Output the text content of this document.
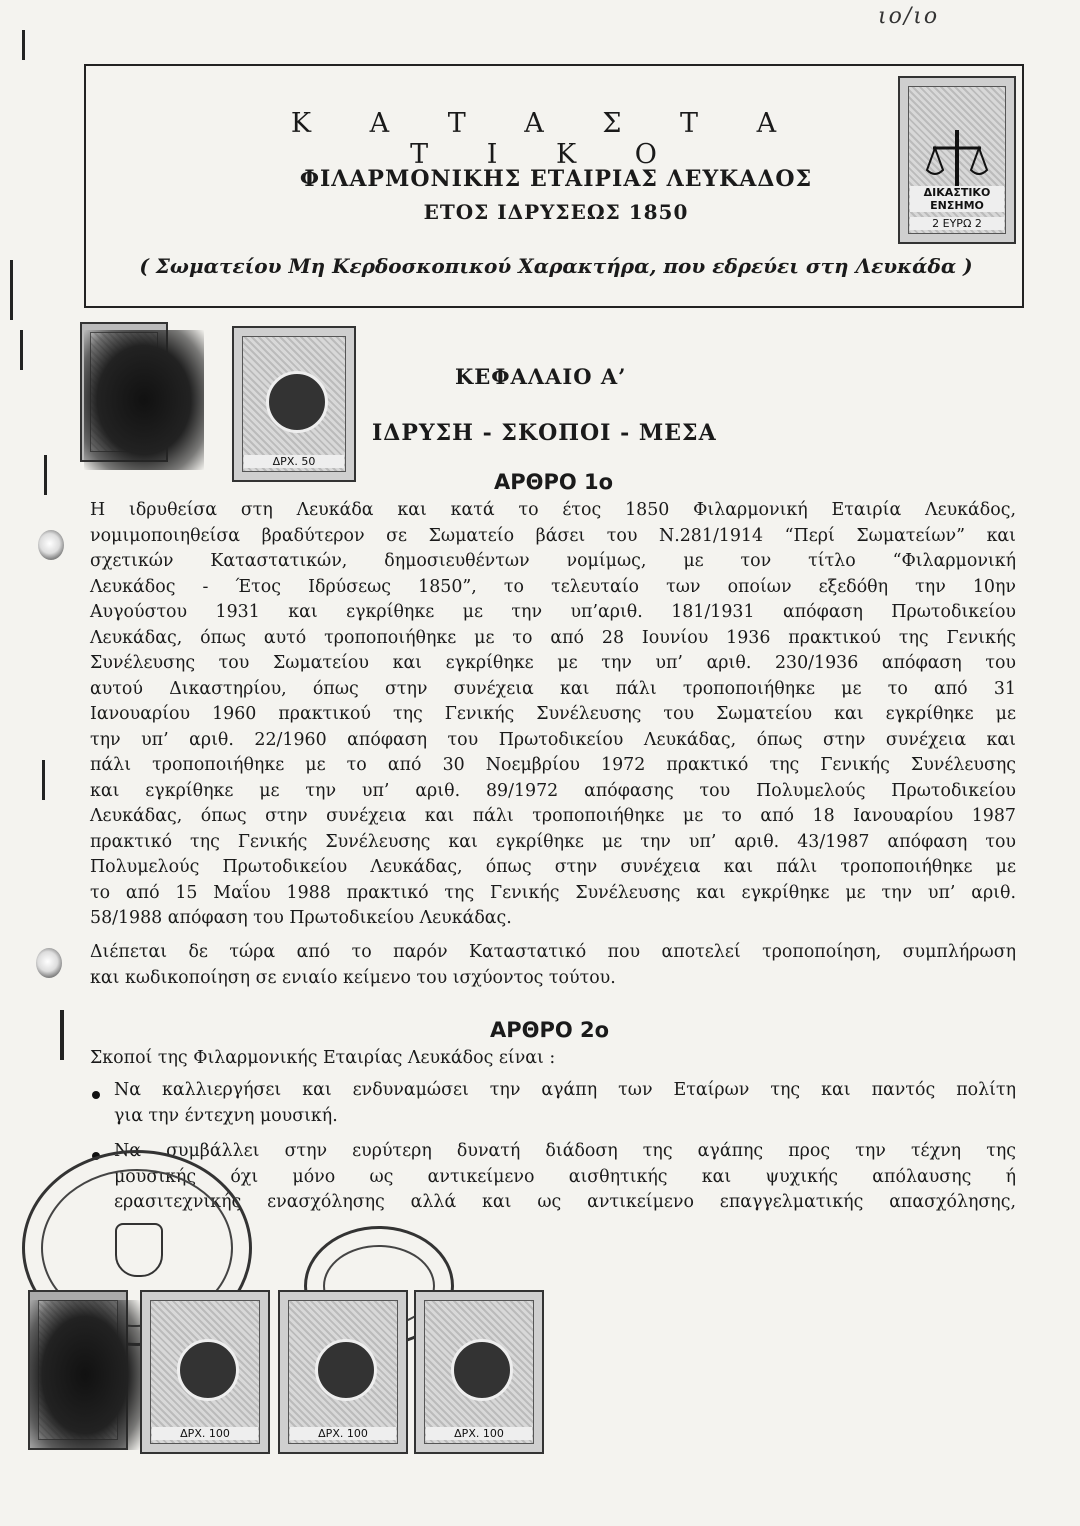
ιο/ιο
Κ Α Τ Α Σ Τ Α Τ Ι Κ Ο
ΦΙΛΑΡΜΟΝΙΚΗΣ ΕΤΑΙΡΙΑΣ ΛΕΥΚΑΔΟΣ
ΕΤΟΣ ΙΔΡΥΣΕΩΣ 1850
( Σωματείου Μη Κερδοσκοπικού Χαρακτήρα, που εδρεύει στη Λευκάδα )
ΔΙΚΑΣΤΙΚΟ ΕΝΣΗΜΟ
2 ΕΥΡΩ 2
ΔΡΧ. 50
ΚΕΦΑΛΑΙΟ Α’
ΙΔΡΥΣΗ - ΣΚΟΠΟΙ - ΜΕΣΑ
ΑΡΘΡΟ 1ο
Η ιδρυθείσα στη Λευκάδα και κατά το έτος 1850 Φιλαρμονική Εταιρία Λευκάδος,
νομιμοποιηθείσα βραδύτερον σε Σωματείο βάσει του Ν.281/1914 “Περί Σωματείων” και
σχετικών Καταστατικών, δημοσιευθέντων νομίμως, με τον τίτλο “Φιλαρμονική
Λευκάδος - Έτος Ιδρύσεως 1850”, το τελευταίο των οποίων εξεδόθη την 10ην
Αυγούστου 1931 και εγκρίθηκε με την υπ’αριθ. 181/1931 απόφαση Πρωτοδικείου
Λευκάδας, όπως αυτό τροποποιήθηκε με το από 28 Ιουνίου 1936 πρακτικού της Γενικής
Συνέλευσης του Σωματείου και εγκρίθηκε με την υπ’ αριθ. 230/1936 απόφαση του
αυτού Δικαστηρίου, όπως στην συνέχεια και πάλι τροποποιήθηκε με το από 31
Ιανουαρίου 1960 πρακτικού της Γενικής Συνέλευσης του Σωματείου και εγκρίθηκε με
την υπ’ αριθ. 22/1960 απόφαση του Πρωτοδικείου Λευκάδας, όπως στην συνέχεια και
πάλι τροποποιήθηκε με το από 30 Νοεμβρίου 1972 πρακτικό της Γενικής Συνέλευσης
και εγκρίθηκε με την υπ’ αριθ. 89/1972 απόφασης του Πολυμελούς Πρωτοδικείου
Λευκάδας, όπως στην συνέχεια και πάλι τροποποιήθηκε με το από 18 Ιανουαρίου 1987
πρακτικό της Γενικής Συνέλευσης και εγκρίθηκε με την υπ’ αριθ. 43/1987 απόφαση του
Πολυμελούς Πρωτοδικείου Λευκάδας, όπως στην συνέχεια και πάλι τροποποιήθηκε με
το από 15 Μαΐου 1988 πρακτικό της Γενικής Συνέλευσης και εγκρίθηκε με την υπ’ αριθ.
58/1988 απόφαση του Πρωτοδικείου Λευκάδας.
Διέπεται δε τώρα από το παρόν Καταστατικό που αποτελεί τροποποίηση, συμπλήρωση
και κωδικοποίηση σε ενιαίο κείμενο του ισχύοντος τούτου.
ΑΡΘΡΟ 2ο
Σκοποί της Φιλαρμονικής Εταιρίας Λευκάδος είναι :
Να καλλιεργήσει και ενδυναμώσει την αγάπη των Εταίρων της και παντός πολίτη
για την έντεχνη μουσική.
Να συμβάλλει στην ευρύτερη δυνατή διάδοση της αγάπης προς την τέχνη της
μουσικής όχι μόνο ως αντικείμενο αισθητικής και ψυχικής απόλαυσης ή
ερασιτεχνικής ενασχόλησης αλλά και ως αντικείμενο επαγγελματικής απασχόλησης,
ΔΡΧ. 100	ΔΡΧ. 100	ΔΡΧ. 100
